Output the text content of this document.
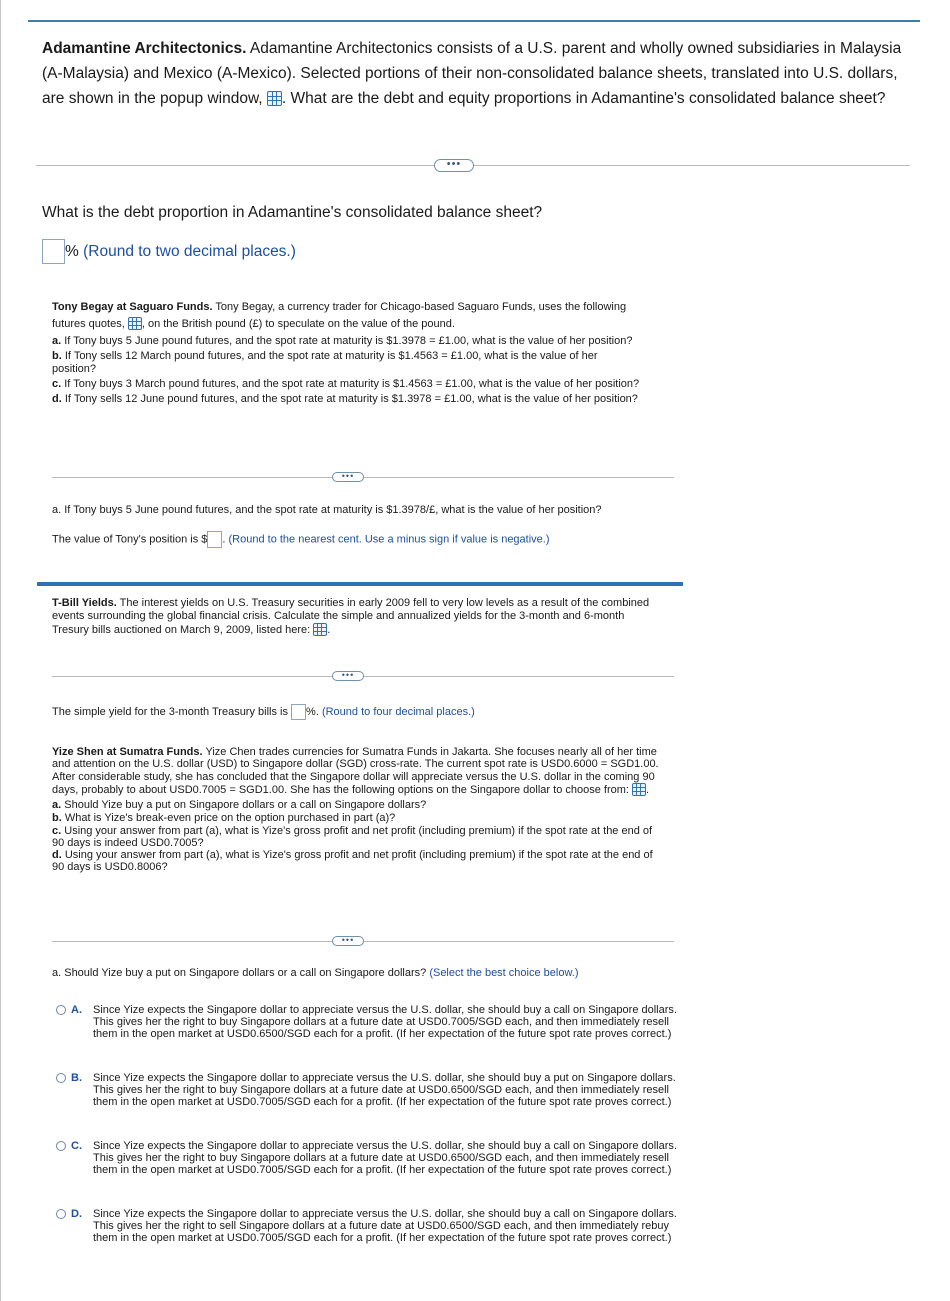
Adamantine Architectonics. Adamantine Architectonics consists of a U.S. parent and wholly owned subsidiaries in Malaysia (A-Malaysia) and Mexico (A-Mexico). Selected portions of their non-consolidated balance sheets, translated into U.S. dollars, are shown in the popup window, . What are the debt and equity proportions in Adamantine's consolidated balance sheet?
•••
What is the debt proportion in Adamantine's consolidated balance sheet?
% (Round to two decimal places.)
Tony Begay at Saguaro Funds. Tony Begay, a currency trader for Chicago-based Saguaro Funds, uses the following futures quotes, , on the British pound (£) to speculate on the value of the pound.
a. If Tony buys 5 June pound futures, and the spot rate at maturity is $1.3978 = £1.00, what is the value of her position?
b. If Tony sells 12 March pound futures, and the spot rate at maturity is $1.4563 = £1.00, what is the value of her position?
c. If Tony buys 3 March pound futures, and the spot rate at maturity is $1.4563 = £1.00, what is the value of her position?
d. If Tony sells 12 June pound futures, and the spot rate at maturity is $1.3978 = £1.00, what is the value of her position?
•••
a. If Tony buys 5 June pound futures, and the spot rate at maturity is $1.3978/£, what is the value of her position?
The value of Tony's position is $ . (Round to the nearest cent. Use a minus sign if value is negative.)
T-Bill Yields. The interest yields on U.S. Treasury securities in early 2009 fell to very low levels as a result of the combined events surrounding the global financial crisis. Calculate the simple and annualized yields for the 3-month and 6-month Tresury bills auctioned on March 9, 2009, listed here: .
•••
The simple yield for the 3-month Treasury bills is %. (Round to four decimal places.)
Yize Shen at Sumatra Funds. Yize Chen trades currencies for Sumatra Funds in Jakarta. She focuses nearly all of her time and attention on the U.S. dollar (USD) to Singapore dollar (SGD) cross-rate. The current spot rate is USD0.6000 = SGD1.00. After considerable study, she has concluded that the Singapore dollar will appreciate versus the U.S. dollar in the coming 90 days, probably to about USD0.7005 = SGD1.00. She has the following options on the Singapore dollar to choose from: .
a. Should Yize buy a put on Singapore dollars or a call on Singapore dollars?
b. What is Yize's break-even price on the option purchased in part (a)?
c. Using your answer from part (a), what is Yize's gross profit and net profit (including premium) if the spot rate at the end of 90 days is indeed USD0.7005?
d. Using your answer from part (a), what is Yize's gross profit and net profit (including premium) if the spot rate at the end of 90 days is USD0.8006?
•••
a. Should Yize buy a put on Singapore dollars or a call on Singapore dollars? (Select the best choice below.)
A. Since Yize expects the Singapore dollar to appreciate versus the U.S. dollar, she should buy a call on Singapore dollars. This gives her the right to buy Singapore dollars at a future date at USD0.7005/SGD each, and then immediately resell them in the open market at USD0.6500/SGD each for a profit. (If her expectation of the future spot rate proves correct.)
B. Since Yize expects the Singapore dollar to appreciate versus the U.S. dollar, she should buy a put on Singapore dollars. This gives her the right to buy Singapore dollars at a future date at USD0.6500/SGD each, and then immediately resell them in the open market at USD0.7005/SGD each for a profit. (If her expectation of the future spot rate proves correct.)
C. Since Yize expects the Singapore dollar to appreciate versus the U.S. dollar, she should buy a call on Singapore dollars. This gives her the right to buy Singapore dollars at a future date at USD0.6500/SGD each, and then immediately resell them in the open market at USD0.7005/SGD each for a profit. (If her expectation of the future spot rate proves correct.)
D. Since Yize expects the Singapore dollar to appreciate versus the U.S. dollar, she should buy a call on Singapore dollars. This gives her the right to sell Singapore dollars at a future date at USD0.6500/SGD each, and then immediately rebuy them in the open market at USD0.7005/SGD each for a profit. (If her expectation of the future spot rate proves correct.)
